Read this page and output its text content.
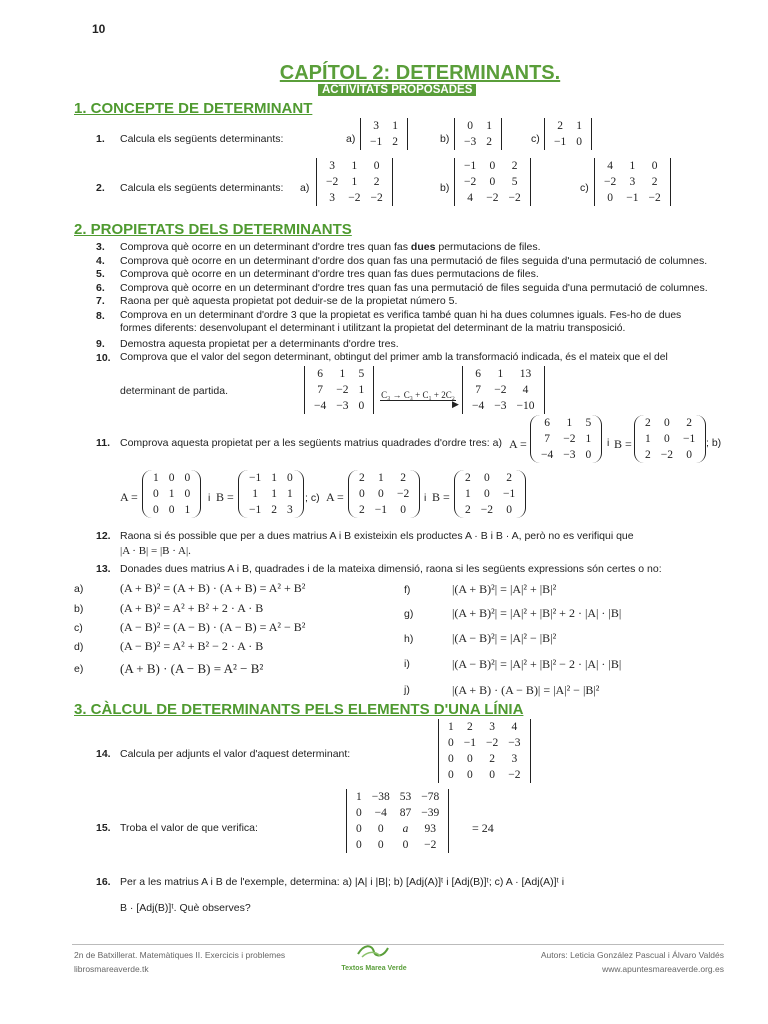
10
CAPÍTOL 2: DETERMINANTS.
ACTIVITATS PROPOSADES
1. CONCEPTE DE DETERMINANT
1. Calcula els següents determinants:	a)
3	1
−1	2	b)
0	1
−3	2	c)
2	1
−1	0
2. Calcula els següents determinants: a)
3	1	0
−2	1	2
3	−2	−2
b)
−1	0	2
−2	0	5
4	−2	−2
c)
4	1	0
−2	3	2
0	−1	−2
2. PROPIETATS DELS DETERMINANTS
3.	Comprova què ocorre en un determinant d'ordre tres quan fas dues permutacions de files.
4.	Comprova què ocorre en un determinant d'ordre dos quan fas una permutació de files seguida d'una permutació de columnes.
5.	Comprova què ocorre en un determinant d'ordre tres quan fas dues permutacions de files.
6.	Comprova què ocorre en un determinant d'ordre tres quan fas una permutació de files seguida d'una permutació de columnes.
7.	Raona per què aquesta propietat pot deduir-se de la propietat número 5.
8. Comprova en un determinant d'ordre 3 que la propietat es verifica també quan hi ha dues columnes iguals. Fes-ho de dues
formes diferents: desenvolupant el determinant i utilitzant la propietat del determinant de la matriu transposició.
9. Demostra aquesta propietat per a determinants d'ordre tres.
10. Comprova que el valor del segon determinant, obtingut del primer amb la transformació indicada, és el mateix que el del
determinant de partida.
6	1	5
7	−2	1
−4	−3	0
C₃ → C₃ + C₁ + 2C₂
▶
6	1	13
7	−2	4
−4	−3	−10
11. Comprova aquesta propietat per a les següents matrius quadrades d'ordre tres: a) A =
6	1	5
7	−2	1
−4	−3	0
i B =
2	0	2
1	0	−1
2	−2	0
; b)
A =
1	0	0
0	1	0
0	0	1
i B =
−1	1	0
1	1	1
−1	2	3
; c) A =
2	1	2
0	0	−2
2	−1	0
i B =
2	0	2
1	0	−1
2	−2	0
12. Raona si és possible que per a dues matrius A i B existeixin els productes A · B i B · A, però no es verifiqui que
|A · B| = |B · A|.
13. Donades dues matrius A i B, quadrades i de la mateixa dimensió, raona si les següents expressions són certes o no:
a)	(A + B)² = (A + B) · (A + B) = A² + B²
b)	(A + B)² = A² + B² + 2 · A · B
c)	(A − B)² = (A − B) · (A − B) = A² − B²
d)	(A − B)² = A² + B² − 2 · A · B
e)	(A + B) · (A − B) = A² − B²
f)	|(A + B)²| = |A|² + |B|²
g)	|(A + B)²| = |A|² + |B|² + 2 · |A| · |B|
h)	|(A − B)²| = |A|² − |B|²
i)	|(A − B)²| = |A|² + |B|² − 2 · |A| · |B|
j)	|(A + B) · (A − B)| = |A|² − |B|²
3. CÀLCUL DE DETERMINANTS PELS ELEMENTS D'UNA LÍNIA
14. Calcula per adjunts el valor d'aquest determinant:
1	2	3	4
0	−1	−2	−3
0	0	2	3
0	0	0	−2
15. Troba el valor de que verifica:
1	−38	53	−78
0	−4	87	−39
0	0	a	93
0	0	0	−2
= 24
16. Per a les matrius A i B de l'exemple, determina: a) |A| i |B|; b) [Adj(A)]ᵗ i [Adj(B)]ᵗ; c) A · [Adj(A)]ᵗ i
B · [Adj(B)]ᵗ. Què observes?
2n de Batxillerat. Matemàtiques II. Exercicis i problemes
librosmareaverde.tk	Textos Marea Verde
Autors: Leticia González Pascual i Álvaro Valdés
www.apuntesmareaverde.org.es
